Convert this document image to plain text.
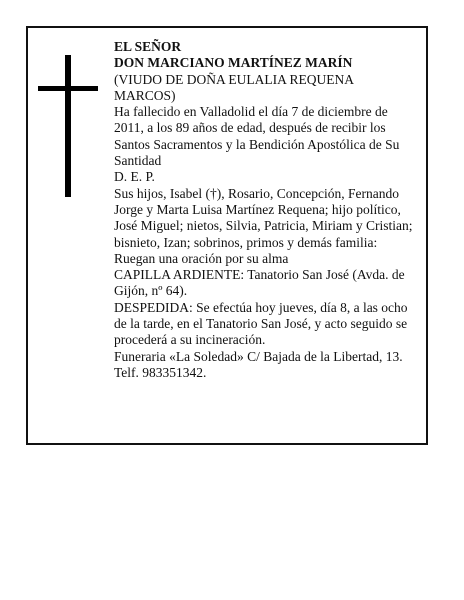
EL SEÑOR

DON MARCIANO MARTÍNEZ MARÍN

(VIUDO DE DOÑA EULALIA REQUENA MARCOS)

Ha fallecido en Valladolid el día 7 de diciembre de 2011, a los 89 años de edad, después de recibir los Santos Sacramentos y la Bendición Apostólica de Su Santidad

D. E. P.

Sus hijos, Isabel (†), Rosario, Concepción, Fernando Jorge y Marta Luisa Martínez Requena; hijo político, José Miguel; nietos, Silvia, Patricia, Miriam y Cristian; bisnieto, Izan; sobrinos, primos y demás familia:

Ruegan una oración por su alma

CAPILLA ARDIENTE: Tanatorio San José (Avda. de Gijón, nº 64).

DESPEDIDA: Se efectúa hoy jueves, día 8, a las ocho de la tarde, en el Tanatorio San José, y acto seguido se procederá a su incineración.

Funeraria «La Soledad» C/ Bajada de la Libertad, 13. Telf. 983351342.
